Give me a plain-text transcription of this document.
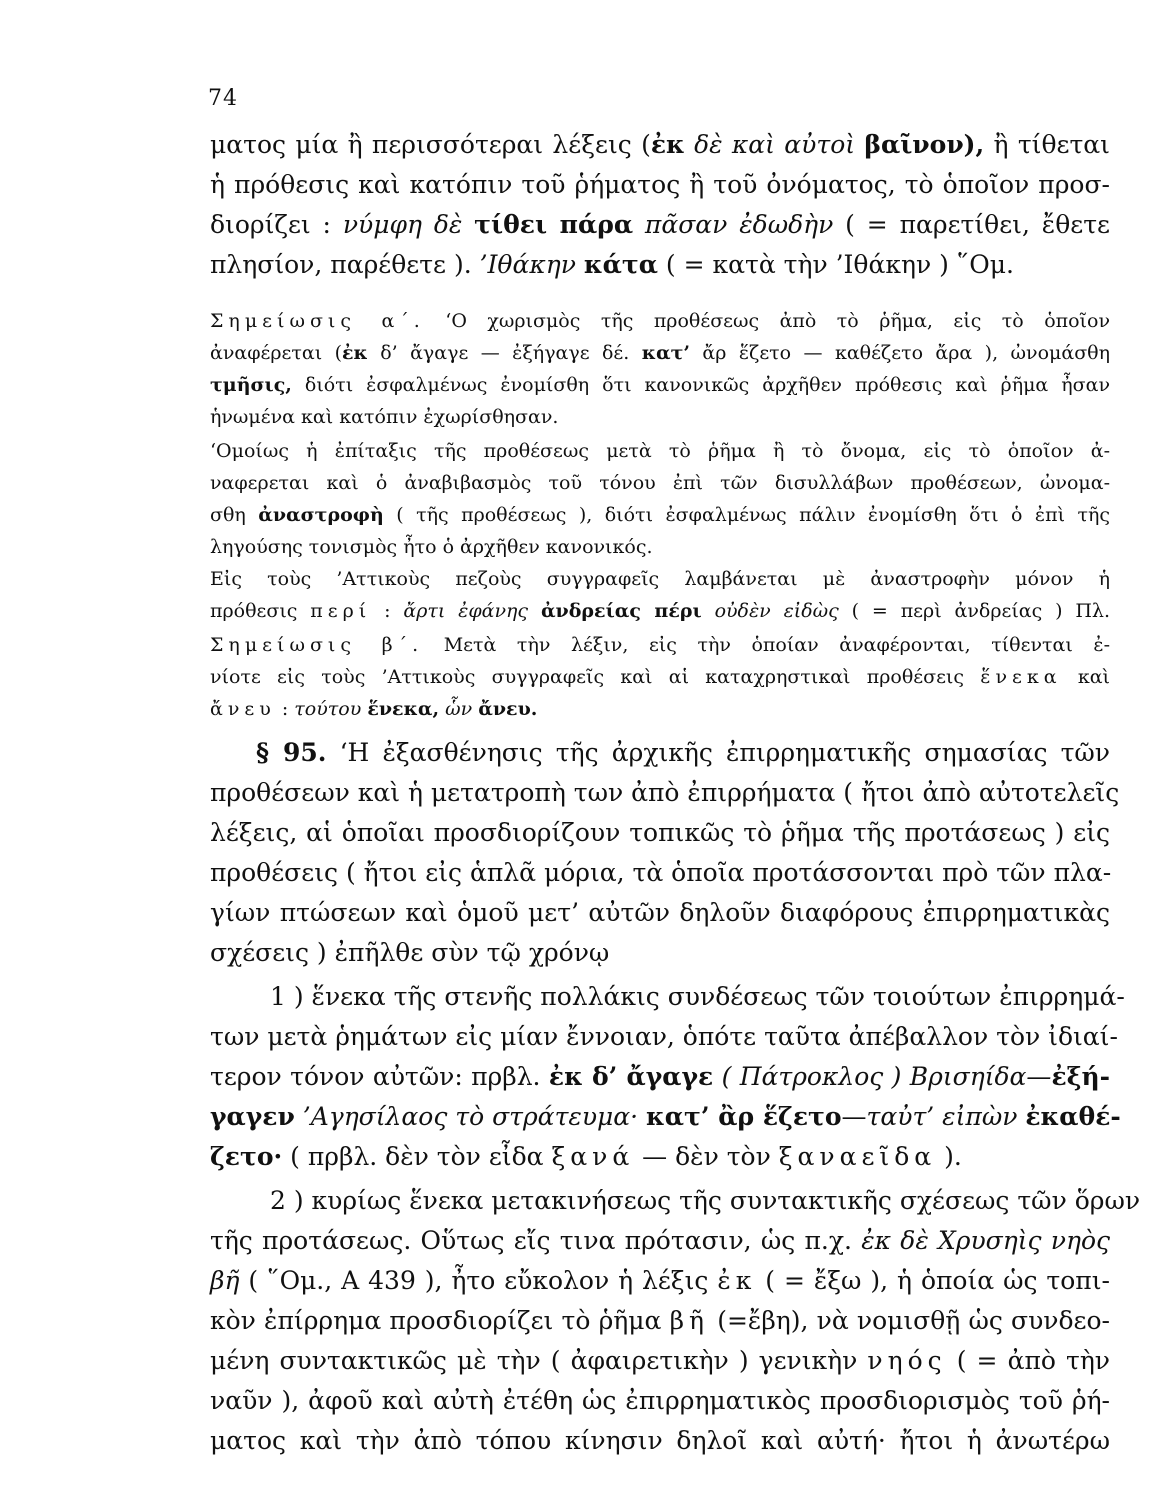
74
ματος μία ἢ περισσότεραι λέξεις (ἐκ δὲ καὶ αὐτοὶ βαῖνον), ἢ τίθεται
ἡ πρόθεσις καὶ κατόπιν τοῦ ῥήματος ἢ τοῦ ὀνόματος, τὸ ὁποῖον προσ-
διορίζει : νύμφη δὲ τίθει πάρα πᾶσαν ἐδωδὴν ( = παρετίθει, ἔθετε
πλησίον, παρέθετε ). ’Ιθάκην κάτα ( = κατὰ τὴν ’Ιθάκην ) ῞Ομ.
Σημείωσις α΄. ‘Ο χωρισμὸς τῆς προθέσεως ἀπὸ τὸ ῥῆμα, εἰς τὸ ὁποῖον
ἀναφέρεται (ἐκ δ’ ἄγαγε — ἐξήγαγε δέ. κατ’ ἄρ ἕζετο — καθέζετο ἄρα ), ὠνομάσθη
τμῆσις, διότι ἐσφαλμένως ἐνομίσθη ὅτι κανονικῶς ἀρχῆθεν πρόθεσις καὶ ῥῆμα ἦσαν
ἡνωμένα καὶ κατόπιν ἐχωρίσθησαν.
‘Ομοίως ἡ ἐπίταξις τῆς προθέσεως μετὰ τὸ ῥῆμα ἢ τὸ ὄνομα, εἰς τὸ ὁποῖον ἀ-
ναφερεται καὶ ὁ ἀναβιβασμὸς τοῦ τόνου ἐπὶ τῶν δισυλλάβων προθέσεων, ὠνομα-
σθη ἀναστροφὴ ( τῆς προθέσεως ), διότι ἐσφαλμένως πάλιν ἐνομίσθη ὅτι ὁ ἐπὶ τῆς
ληγούσης τονισμὸς ἦτο ὁ ἀρχῆθεν κανονικός.
Εἰς τοὺς ’Αττικοὺς πεζοὺς συγγραφεῖς λαμβάνεται μὲ ἀναστροφὴν μόνον ἡ
πρόθεσις περί : ἄρτι ἐφάνης ἀνδρείας πέρι οὐδὲν εἰδὼς ( = περὶ ἀνδρείας ) Πλ.
Σημείωσις β΄. Μετὰ τὴν λέξιν, εἰς τὴν ὁποίαν ἀναφέρονται, τίθενται ἐ-
νίοτε εἰς τοὺς ’Αττικοὺς συγγραφεῖς καὶ αἱ καταχρηστικαὶ προθέσεις ἕνεκα καὶ
ἄνευ : τούτου ἕνεκα, ὧν ἄνευ.
§ 95. ‘Η ἐξασθένησις τῆς ἀρχικῆς ἐπιρρηματικῆς σημασίας τῶν
προθέσεων καὶ ἡ μετατροπὴ των ἀπὸ ἐπιρρήματα ( ἤτοι ἀπὸ αὐτοτελεῖς
λέξεις, αἱ ὁποῖαι προσδιορίζουν τοπικῶς τὸ ῥῆμα τῆς προτάσεως ) εἰς
προθέσεις ( ἤτοι εἰς ἁπλᾶ μόρια, τὰ ὁποῖα προτάσσονται πρὸ τῶν πλα-
γίων πτώσεων καὶ ὁμοῦ μετ’ αὐτῶν δηλοῦν διαφόρους ἐπιρρηματικὰς
σχέσεις ) ἐπῆλθε σὺν τῷ χρόνῳ
1 ) ἕνεκα τῆς στενῆς πολλάκις συνδέσεως τῶν τοιούτων ἐπιρρημά-
των μετὰ ῥημάτων εἰς μίαν ἔννοιαν, ὁπότε ταῦτα ἀπέβαλλον τὸν ἰδιαί-
τερον τόνον αὐτῶν: πρβλ. ἐκ δ’ ἄγαγε ( Πάτροκλος ) Βρισηίδα—ἐξή-
γαγεν ’Αγησίλαος τὸ στράτευμα· κατ’ ἂρ ἕζετο—ταὐτ’ εἰπὼν ἐκαθέ-
ζετο· ( πρβλ. δὲν τὸν εἶδα ξανά — δὲν τὸν ξαναεῖδα ).
2 ) κυρίως ἕνεκα μετακινήσεως τῆς συντακτικῆς σχέσεως τῶν ὅρων
τῆς προτάσεως. Οὕτως εἴς τινα πρότασιν, ὡς π.χ. ἐκ δὲ Χρυσηὶς νηὸς
βῆ ( ῞Ομ., Α 439 ), ἦτο εὔκολον ἡ λέξις ἐκ ( = ἔξω ), ἡ ὁποία ὡς τοπι-
κὸν ἐπίρρημα προσδιορίζει τὸ ῥῆμα βῆ (=ἔβη), νὰ νομισθῇ ὡς συνδεο-
μένη συντακτικῶς μὲ τὴν ( ἀφαιρετικὴν ) γενικὴν νηός ( = ἀπὸ τὴν
ναῦν ), ἀφοῦ καὶ αὐτὴ ἐτέθη ὡς ἐπιρρηματικὸς προσδιορισμὸς τοῦ ῥή-
ματος καὶ τὴν ἀπὸ τόπου κίνησιν δηλοῖ καὶ αὐτή· ἤτοι ἡ ἀνωτέρω
